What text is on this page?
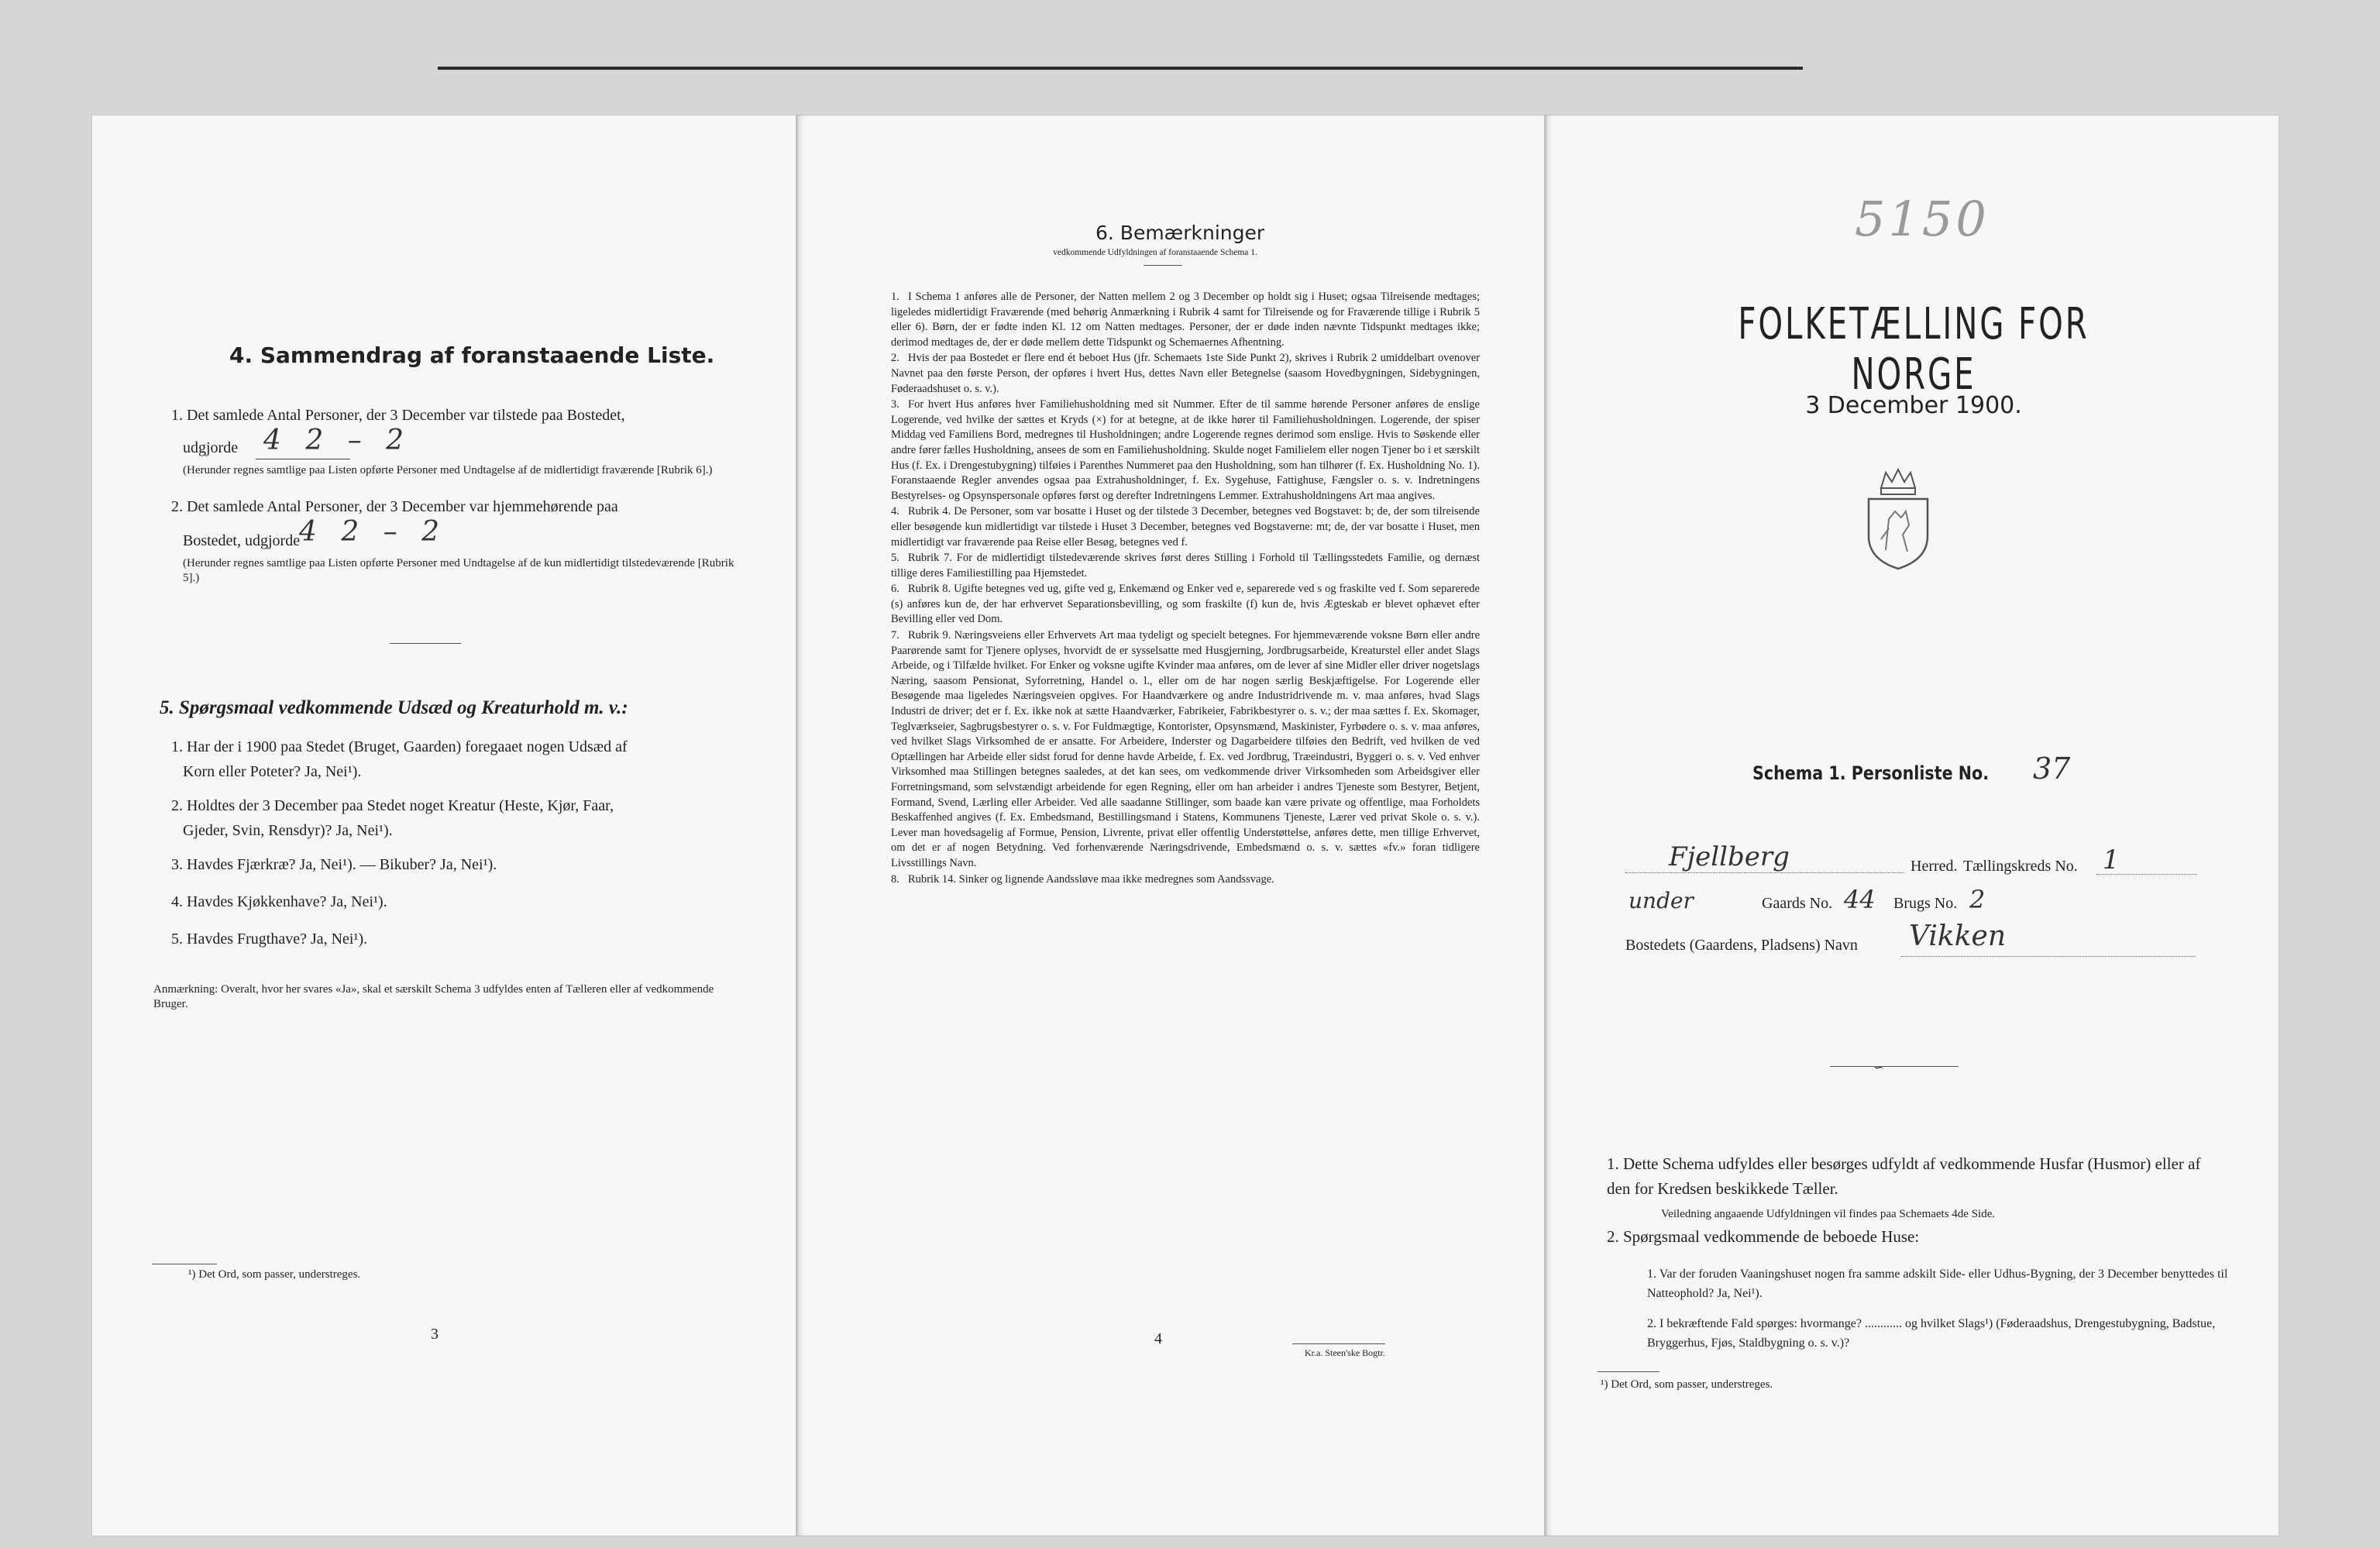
4. Sammendrag af foranstaaende Liste.
1. Det samlede Antal Personer, der 3 December var tilstede paa Bostedet,
udgjorde 4 2 – 2
(Herunder regnes samtlige paa Listen opførte Personer med Undtagelse af de midlertidigt fraværende [Rubrik 6].)
2. Det samlede Antal Personer, der 3 December var hjemmehørende paa
Bostedet, udgjorde
4 2 – 2
(Herunder regnes samtlige paa Listen opførte Personer med Undtagelse af de kun midlertidigt tilstedeværende [Rubrik 5].)
5. Spørgsmaal vedkommende Udsæd og Kreaturhold m. v.:
1. Har der i 1900 paa Stedet (Bruget, Gaarden) foregaaet nogen Udsæd af
Korn eller Poteter? Ja, Nei¹).
2. Holdtes der 3 December paa Stedet noget Kreatur (Heste, Kjør, Faar,
Gjeder, Svin, Rensdyr)? Ja, Nei¹).
3. Havdes Fjærkræ? Ja, Nei¹). — Bikuber? Ja, Nei¹).
4. Havdes Kjøkkenhave? Ja, Nei¹).
5. Havdes Frugthave? Ja, Nei¹).
Anmærkning: Overalt, hvor her svares «Ja», skal et særskilt Schema 3 udfyldes enten af Tælleren eller af vedkommende Bruger.
¹) Det Ord, som passer, understreges.
3
6. Bemærkninger
vedkommende Udfyldningen af foranstaaende Schema 1.
1. I Schema 1 anføres alle de Personer, der Natten mellem 2 og 3 December op holdt sig i Huset; ogsaa Tilreisende medtages; ligeledes midlertidigt Fraværende (med behørig Anmærkning i Rubrik 4 samt for Tilreisende og for Fraværende tillige i Rubrik 5 eller 6). Børn, der er fødte inden Kl. 12 om Natten medtages. Personer, der er døde inden nævnte Tidspunkt medtages ikke; derimod medtages de, der er døde mellem dette Tidspunkt og Schemaernes Afhentning.
2. Hvis der paa Bostedet er flere end ét beboet Hus (jfr. Schemaets 1ste Side Punkt 2), skrives i Rubrik 2 umiddelbart ovenover Navnet paa den første Person, der opføres i hvert Hus, dettes Navn eller Betegnelse (saasom Hovedbygningen, Sidebygningen, Føderaadshuset o. s. v.).
3. For hvert Hus anføres hver Familiehusholdning med sit Nummer. Efter de til samme hørende Personer anføres de enslige Logerende, ved hvilke der sættes et Kryds (×) for at betegne, at de ikke hører til Familiehusholdningen. Logerende, der spiser Middag ved Familiens Bord, medregnes til Husholdningen; andre Logerende regnes derimod som enslige. Hvis to Søskende eller andre fører fælles Husholdning, ansees de som en Familiehusholdning. Skulde noget Familielem eller nogen Tjener bo i et særskilt Hus (f. Ex. i Drengestubygning) tilføies i Parenthes Nummeret paa den Husholdning, som han tilhører (f. Ex. Husholdning No. 1). Foranstaaende Regler anvendes ogsaa paa Extrahusholdninger, f. Ex. Sygehuse, Fattighuse, Fængsler o. s. v. Indretningens Bestyrelses- og Opsynspersonale opføres først og derefter Indretningens Lemmer. Extrahusholdningens Art maa angives.
4. Rubrik 4. De Personer, som var bosatte i Huset og der tilstede 3 December, betegnes ved Bogstavet: b; de, der som tilreisende eller besøgende kun midlertidigt var tilstede i Huset 3 December, betegnes ved Bogstaverne: mt; de, der var bosatte i Huset, men midlertidigt var fraværende paa Reise eller Besøg, betegnes ved f.
5. Rubrik 7. For de midlertidigt tilstedeværende skrives først deres Stilling i Forhold til Tællingsstedets Familie, og dernæst tillige deres Familiestilling paa Hjemstedet.
6. Rubrik 8. Ugifte betegnes ved ug, gifte ved g, Enkemænd og Enker ved e, separerede ved s og fraskilte ved f. Som separerede (s) anføres kun de, der har erhvervet Separationsbevilling, og som fraskilte (f) kun de, hvis Ægteskab er blevet ophævet efter Bevilling eller ved Dom.
7. Rubrik 9. Næringsveiens eller Erhvervets Art maa tydeligt og specielt betegnes. For hjemmeværende voksne Børn eller andre Paarørende samt for Tjenere oplyses, hvorvidt de er sysselsatte med Husgjerning, Jordbrugsarbeide, Kreaturstel eller andet Slags Arbeide, og i Tilfælde hvilket. For Enker og voksne ugifte Kvinder maa anføres, om de lever af sine Midler eller driver nogetslags Næring, saasom Pensionat, Syforretning, Handel o. l., eller om de har nogen særlig Beskjæftigelse. For Logerende eller Besøgende maa ligeledes Næringsveien opgives. For Haandværkere og andre Industridrivende m. v. maa anføres, hvad Slags Industri de driver; det er f. Ex. ikke nok at sætte Haandværker, Fabrikeier, Fabrikbestyrer o. s. v.; der maa sættes f. Ex. Skomager, Teglværkseier, Sagbrugsbestyrer o. s. v. For Fuldmægtige, Kontorister, Opsynsmænd, Maskinister, Fyrbødere o. s. v. maa anføres, ved hvilket Slags Virksomhed de er ansatte. For Arbeidere, Inderster og Dagarbeidere tilføies den Bedrift, ved hvilken de ved Optællingen har Arbeide eller sidst forud for denne havde Arbeide, f. Ex. ved Jordbrug, Træeindustri, Byggeri o. s. v. Ved enhver Virksomhed maa Stillingen betegnes saaledes, at det kan sees, om vedkommende driver Virksomheden som Arbeidsgiver eller Forretningsmand, som selvstændigt arbeidende for egen Regning, eller om han arbeider i andres Tjeneste som Bestyrer, Betjent, Formand, Svend, Lærling eller Arbeider. Ved alle saadanne Stillinger, som baade kan være private og offentlige, maa Forholdets Beskaffenhed angives (f. Ex. Embedsmand, Bestillingsmand i Statens, Kommunens Tjeneste, Lærer ved privat Skole o. s. v.). Lever man hovedsagelig af Formue, Pension, Livrente, privat eller offentlig Understøttelse, anføres dette, men tillige Erhvervet, om det er af nogen Betydning. Ved forhenværende Næringsdrivende, Embedsmænd o. s. v. sættes «fv.» foran tidligere Livsstillings Navn.
8. Rubrik 14. Sinker og lignende Aandssløve maa ikke medregnes som Aandssvage.
4
Kr.a. Steen'ske Bogtr.
5150
FOLKETÆLLING FOR NORGE
3 December 1900.
Schema 1. Personliste No. 37
Fjellberg	Herred. Tællingskreds No. 1
under	Gaards No. 44 Brugs No. 2
Bostedets (Gaardens, Pladsens) Navn Vikken
∽
1. Dette Schema udfyldes eller besørges udfyldt af vedkommende Husfar (Husmor) eller af den for Kredsen beskikkede Tæller.
Veiledning angaaende Udfyldningen vil findes paa Schemaets 4de Side.
2. Spørgsmaal vedkommende de beboede Huse:
1. Var der foruden Vaaningshuset nogen fra samme adskilt Side- eller Udhus-Bygning, der 3 December benyttedes til Natteophold? Ja, Nei¹).
2. I bekræftende Fald spørges: hvormange? ............ og hvilket Slags¹) (Føderaadshus, Drengestubygning, Badstue, Bryggerhus, Fjøs, Staldbygning o. s. v.)?
¹) Det Ord, som passer, understreges.
